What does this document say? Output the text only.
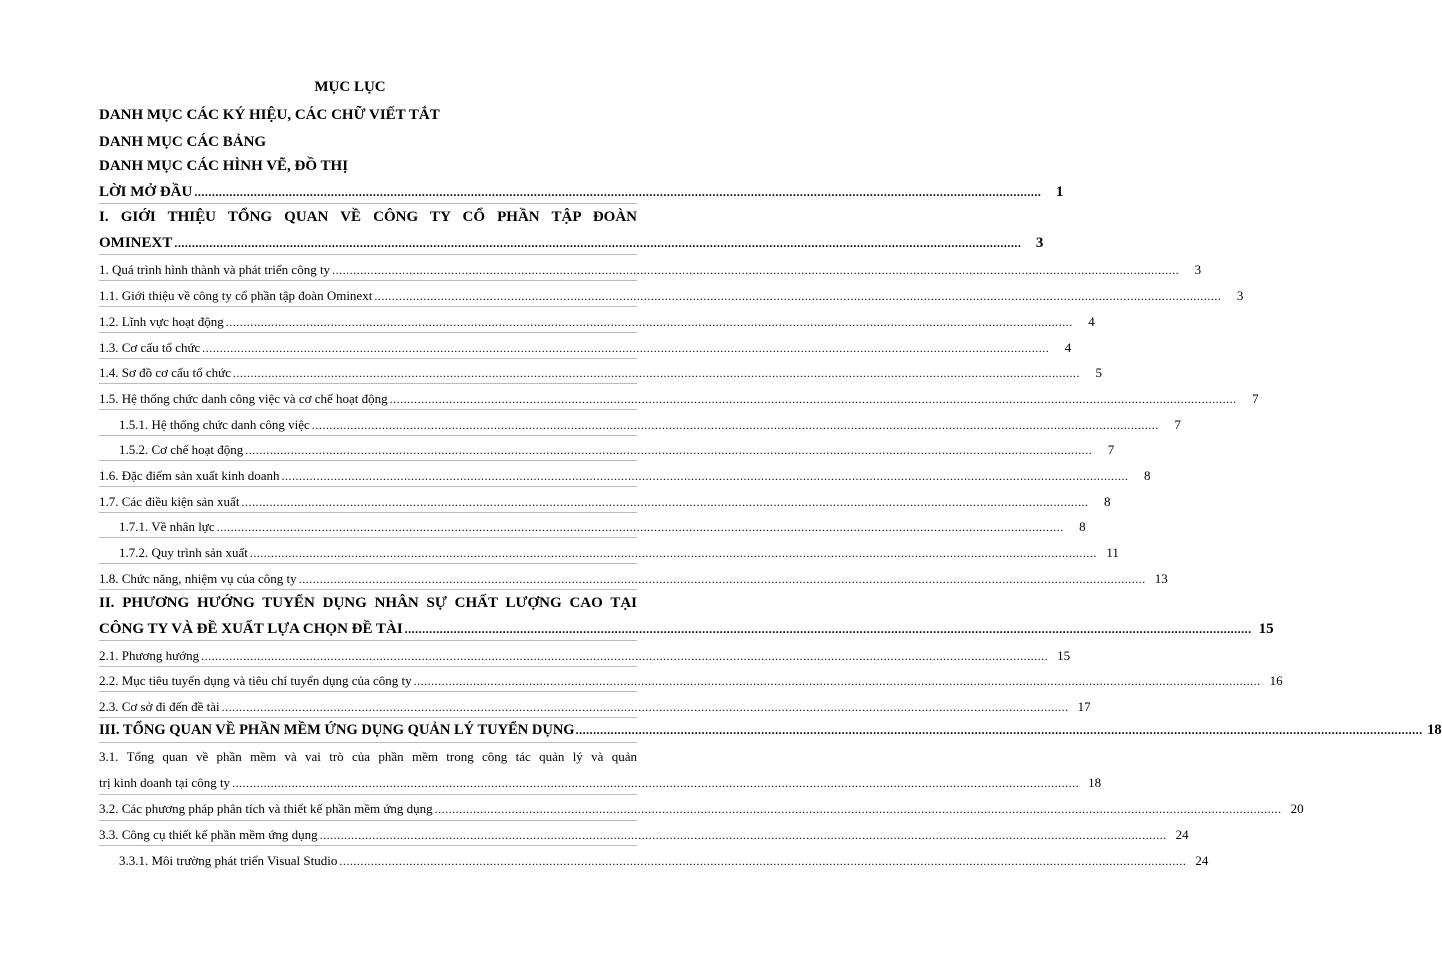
MỤC LỤC
DANH MỤC CÁC KÝ HIỆU, CÁC CHỮ VIẾT TẮT
DANH MỤC CÁC BẢNG
DANH MỤC CÁC HÌNH VẼ, ĐỒ THỊ
LỜI MỞ ĐẦU .....	1
I. GIỚI THIỆU TỔNG QUAN VỀ CÔNG TY CỔ PHẦN TẬP ĐOÀN
OMINEXT .....	3
1. Quá trình hình thành và phát triển công ty .....	3
1.1. Giới thiệu về công ty cổ phần tập đoàn Ominext .....	3
1.2. Lĩnh vực hoạt động .....	4
1.3. Cơ cấu tổ chức .....	4
1.4. Sơ đồ cơ cấu tổ chức .....	5
1.5. Hệ thống chức danh công việc và cơ chế hoạt động .....	7
1.5.1. Hệ thống chức danh công việc .....	7
1.5.2. Cơ chế hoạt động .....	7
1.6. Đặc điểm sản xuất kinh doanh .....	8
1.7. Các điều kiện sản xuất .....	8
1.7.1. Về nhân lực .....	8
1.7.2. Quy trình sản xuất .....	11
1.8. Chức năng, nhiệm vụ của công ty .....	13
II. PHƯƠNG HƯỚNG TUYỂN DỤNG NHÂN SỰ CHẤT LƯỢNG CAO TẠI
CÔNG TY VÀ ĐỀ XUẤT LỰA CHỌN ĐỀ TÀI .....	15
2.1. Phương hướng .....	15
2.2. Mục tiêu tuyển dụng và tiêu chí tuyển dụng của công ty .....	16
2.3. Cơ sở đi đến đề tài .....	17
III. TỔNG QUAN VỀ PHẦN MỀM ỨNG DỤNG QUẢN LÝ TUYỂN DỤNG .....	18
3.1. Tổng quan về phần mềm và vai trò của phần mềm trong công tác quản lý và quản
trị kinh doanh tại công ty .....	18
3.2. Các phương pháp phân tích và thiết kế phần mềm ứng dụng .....	20
3.3. Công cụ thiết kế phần mềm ứng dụng .....	24
3.3.1. Môi trường phát triển Visual Studio .....	24
